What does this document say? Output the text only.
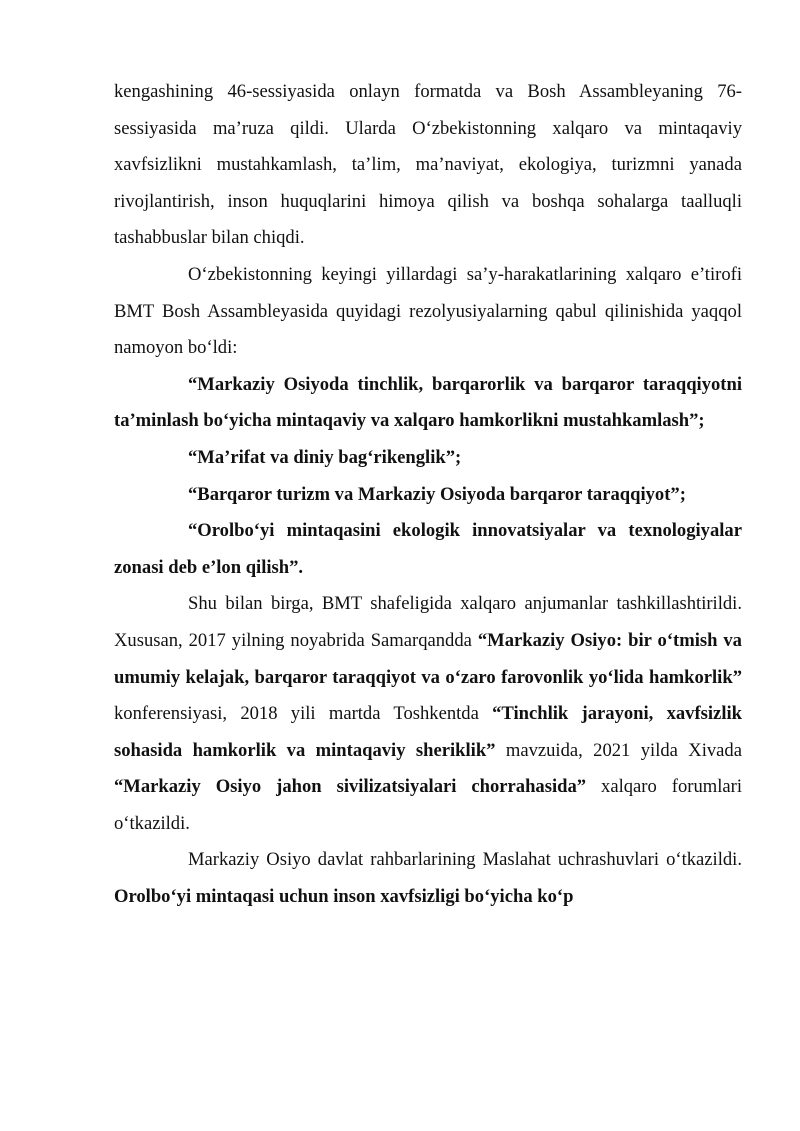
kengashining 46-sessiyasida onlayn formatda va Bosh Assambleyaning 76-sessiyasida ma’ruza qildi. Ularda O‘zbekistonning xalqaro va mintaqaviy xavfsizlikni mustahkamlash, ta’lim, ma’naviyat, ekologiya, turizmni yanada rivojlantirish, inson huquqlarini himoya qilish va boshqa sohalarga taalluqli tashabbuslar bilan chiqdi.

O‘zbekistonning keyingi yillardagi sa’y-harakatlarining xalqaro e’tirofi BMT Bosh Assambleyasida quyidagi rezolyusiyalarning qabul qilinishida yaqqol namoyon bo‘ldi:

“Markaziy Osiyoda tinchlik, barqarorlik va barqaror taraqqiyotni ta’minlash bo‘yicha mintaqaviy va xalqaro hamkorlikni mustahkamlash”;

“Ma’rifat va diniy bag‘rikenglik”;

“Barqaror turizm va Markaziy Osiyoda barqaror taraqqiyot”;

“Orolbo‘yi mintaqasini ekologik innovatsiyalar va texnologiyalar zonasi deb e’lon qilish”.

Shu bilan birga, BMT shafeligida xalqaro anjumanlar tashkillashtirildi. Xususan, 2017 yilning noyabrida Samarqandda “Markaziy Osiyo: bir o‘tmish va umumiy kelajak, barqaror taraqqiyot va o‘zaro farovonlik yo‘lida hamkorlik” konferensiyasi, 2018 yili martda Toshkentda “Tinchlik jarayoni, xavfsizlik sohasida hamkorlik va mintaqaviy sheriklik” mavzuida, 2021 yilda Xivada “Markaziy Osiyo jahon sivilizatsiyalari chorrahasida” xalqaro forumlari o‘tkazildi.

Markaziy Osiyo davlat rahbarlarining Maslahat uchrashuvlari o‘tkazildi. Orolbo‘yi mintaqasi uchun inson xavfsizligi bo‘yicha ko‘p
